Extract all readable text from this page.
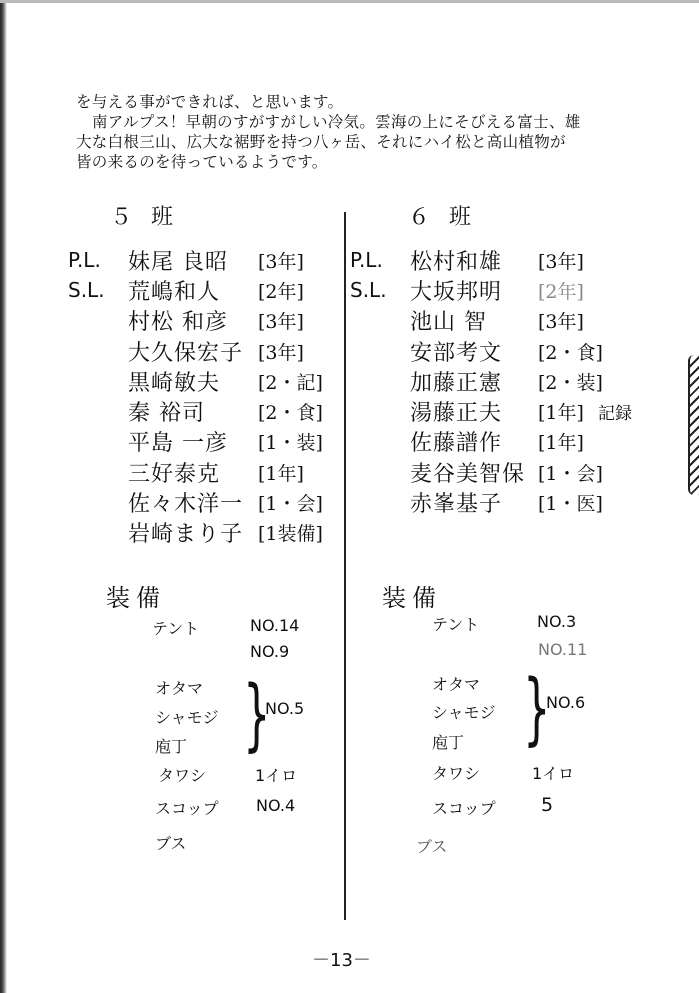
を与える事ができれば、と思います。

南アルプス！早朝のすがすがしい冷気。雲海の上にそびえる富士、雄

大な白根三山、広大な裾野を持つ八ヶ岳、それにハイ松と高山植物が

皆の来るのを待っているようです。

５ 班
P.L.	妹尾 良昭 [3年]
S.L.	荒嶋和人 [2年]
村松 和彦 [3年]
大久保宏子 [3年]
黒崎敏夫 [2・記]
秦 裕司	[2・食]
平島 一彦 [1・装]
三好泰克 [1年]
佐々木洋一 [1・会]
岩崎まり子 [1装備]
６ 班
P.L.	松村和雄 [3年]
S.L.	大坂邦明 [2年]
池山 智	[3年]
安部考文 [2・食]
加藤正憲 [2・装]
湯藤正夫 [1年] 記録
佐藤譜作 [1年]
麦谷美智保 [1・会]
赤峯基子 [1・医]
装備
テント	NO.14
NO.9
オタマ
シャモジ
庖丁 }
NO.5
タワシ	1イロ
スコップ NO.4
ブス
装備
テント	NO.3
NO.11
オタマ
シャモジ
庖丁 }
NO.6
タワシ	1イロ
スコップ 5
ブス
－13－
